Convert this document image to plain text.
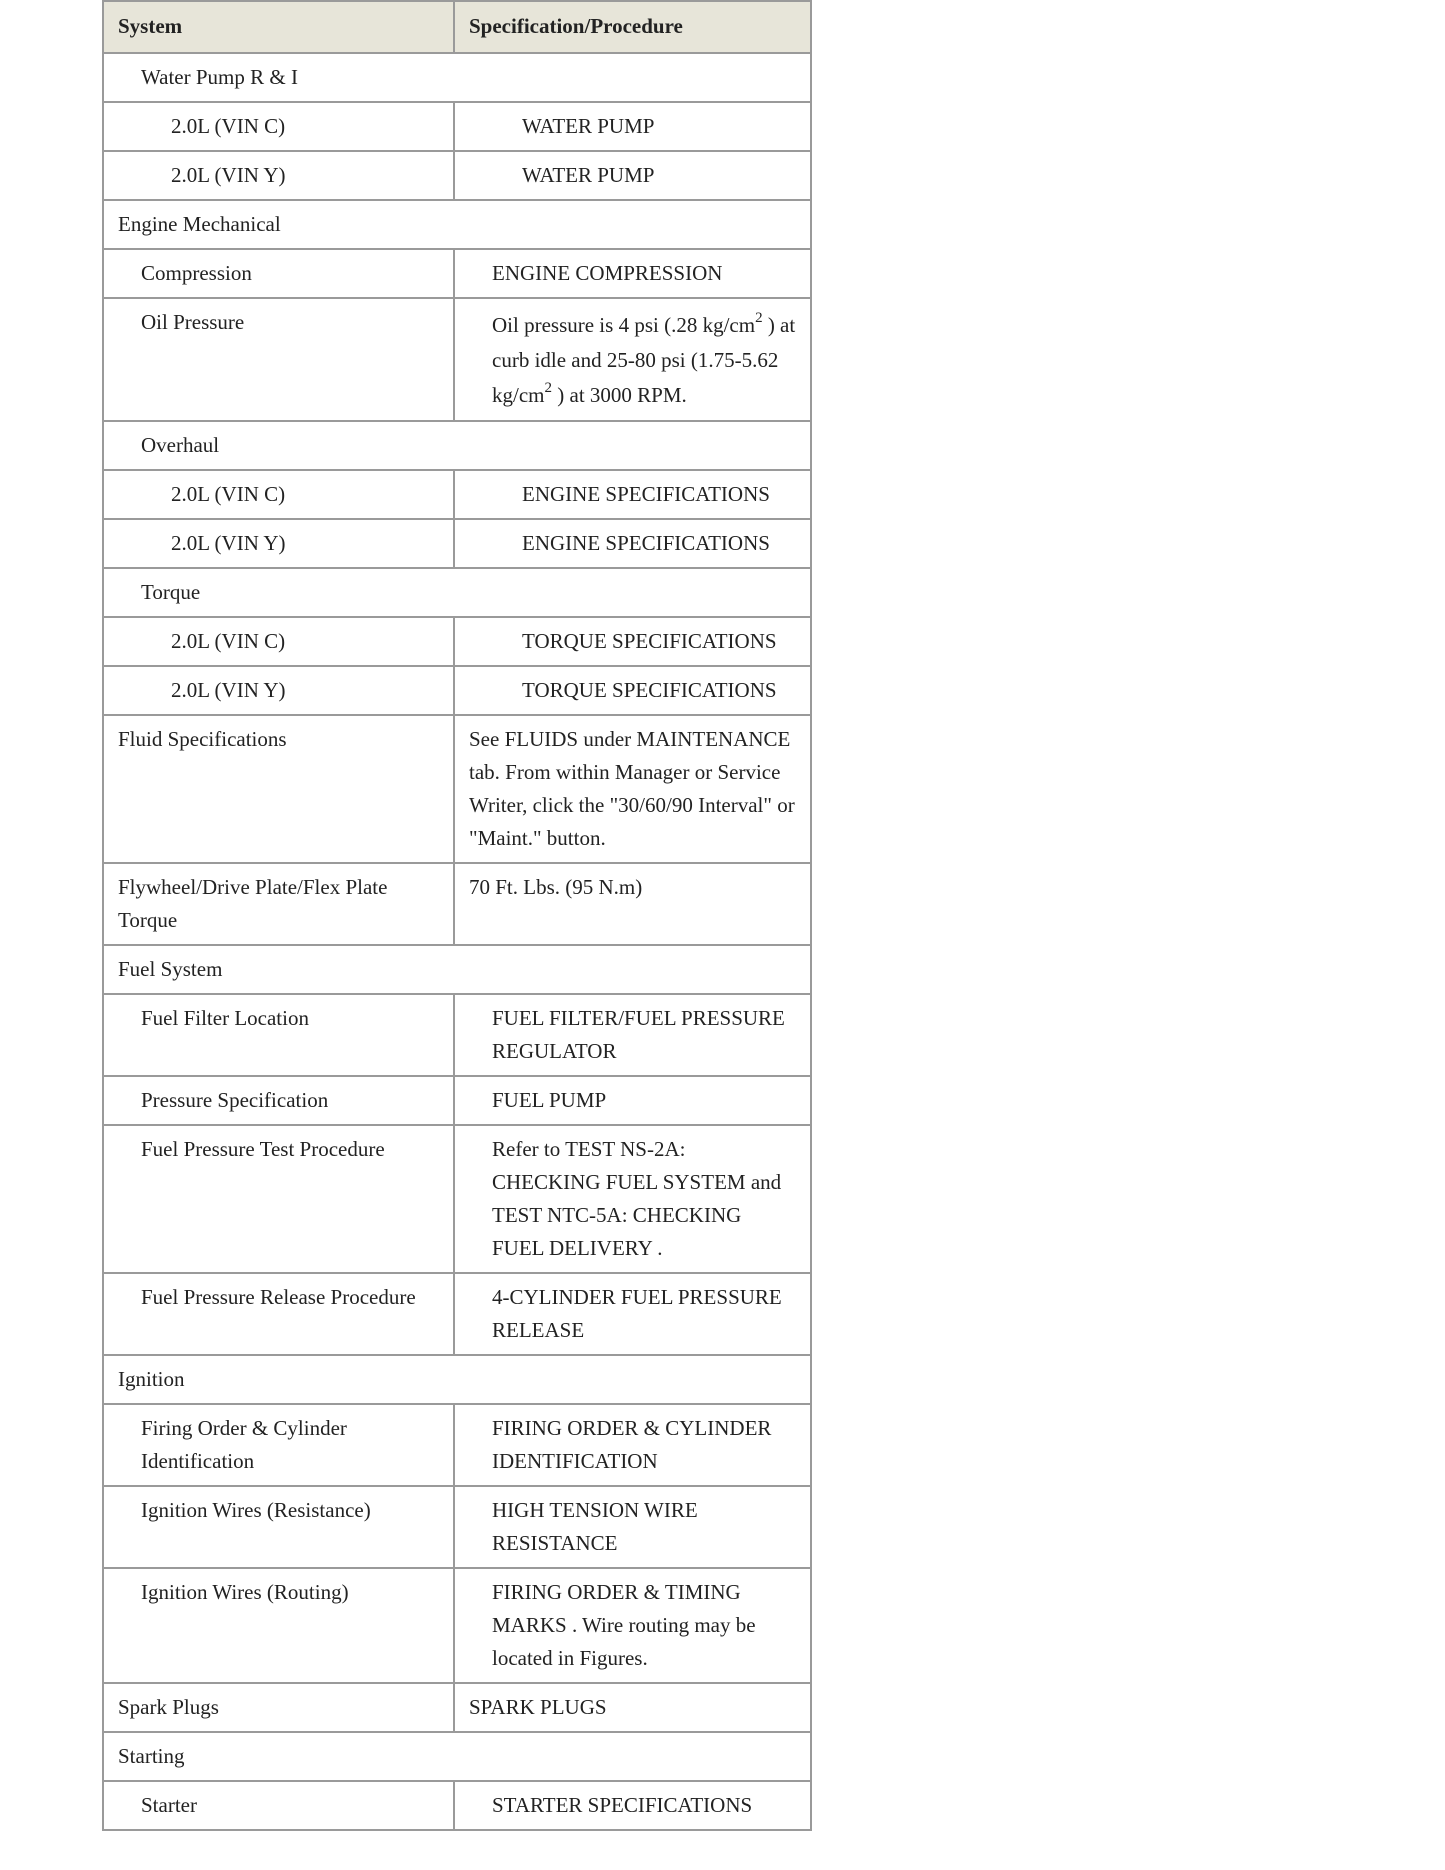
System	Specification/Procedure
Water Pump R & I	
2.0L (VIN C)	WATER PUMP
2.0L (VIN Y)	WATER PUMP
Engine Mechanical	
Compression	ENGINE COMPRESSION
Oil Pressure	Oil pressure is 4 psi (.28 $kg/cm^2$ ) at curb idle and 25-80 psi (1.75-5.62 $kg/cm^2$ ) at 3000 RPM.
Overhaul	
2.0L (VIN C)	ENGINE SPECIFICATIONS
2.0L (VIN Y)	ENGINE SPECIFICATIONS
Torque	
2.0L (VIN C)	TORQUE SPECIFICATIONS
2.0L (VIN Y)	TORQUE SPECIFICATIONS
Fluid Specifications	See FLUIDS under MAINTENANCE tab. From within Manager or Service Writer, click the "30/60/90 Interval" or "Maint." button.
Flywheel/Drive Plate/Flex Plate Torque	70 Ft. Lbs. (95 N.m)
Fuel System	
Fuel Filter Location	FUEL FILTER/FUEL PRESSURE REGULATOR
Pressure Specification	FUEL PUMP
Fuel Pressure Test Procedure	Refer to TEST NS-2A: CHECKING FUEL SYSTEM and TEST NTC-5A: CHECKING FUEL DELIVERY .
Fuel Pressure Release Procedure	4-CYLINDER FUEL PRESSURE RELEASE
Ignition	
Firing Order & Cylinder Identification	FIRING ORDER & CYLINDER IDENTIFICATION
Ignition Wires (Resistance)	HIGH TENSION WIRE RESISTANCE
Ignition Wires (Routing)	FIRING ORDER & TIMING MARKS . Wire routing may be located in Figures.
Spark Plugs	SPARK PLUGS
Starting	
Starter	STARTER SPECIFICATIONS
